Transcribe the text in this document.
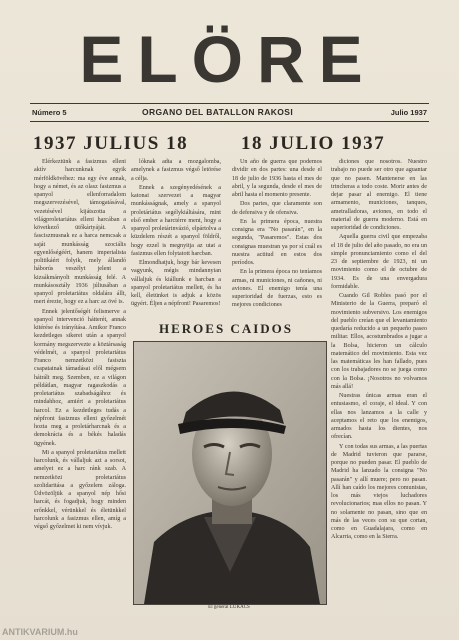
ELÖRE
Número 5	ORGANO DEL BATALLON RAKOSI	Julio 1937
1937 JULIUS 18	18 JULIO 1937

Elérkeztünk a fasizmus elleni aktív harcunknak egyik mérföldkövéhez: ma egy éve annak, hogy a német, és az olasz fasizmus a spanyol ellenforradalom megszervezésével, támogatásával, vezetésével kijátszotta a világproletariátus elleni harcában a következő ütőkártyáját. A fasciszmusnak ez a harca nemcsak a saját munkásság szociális egyenlőségéért, hanem imperialista politikáért folyik, mely állandó háborús veszélyt jelent a kizsákmányolt munkásság felé. A munkásosztály 1936 júliusában a spanyol proletariátus oldalára állt, mert érezte, hogy ez a harc az övé is.

Ennek jelentőségét felismerve a spanyol intervenció hátterét, annak kitérése és irányítása. Amikor Franco kezdetleges sikerei után a spanyol kormány megszervezte a köztársaság védelmét, a spanyol proletariátus Franco nemzetközi fasiszta csapatainak támadásai elől mégsem hátrált meg. Szemben, ez a világon példátlan, magyar ragaszkodás a proletariátus szabadságához és mindahhoz, amiért a proletariátus harcol. Ez a kezdetleges tudás a népfront fasizmus elleni győzelmét hozta meg a proletárharcnak és a demokrácia és a békés haladás ügyének.

Mi a spanyol proletariátus mellett harcolunk, és vállaljuk azt a sorsot, amelyet ez a harc ránk szab. A nemzetközi proletariátus szolidaritása a győzelem záloga. Üdvözöljük a spanyol nép hősi harcát, és fogadjuk, hogy minden erőnkkel, vérünkkel és életünkkel harcolunk a fasizmus ellen, amíg a végső győzelmet ki nem vívjuk.

lóknak adta a mozgalomba, amelynek a fasizmus végső letörése a célja.

Ennek a szegényedésének a katonai szervezet a magyar munkásságnak, amely a spanyol proletáriátus segélykiáltására, mint első ember a harctérre ment, hogy a spanyol proletárinvázió, elpártolva a küzdelem részét a spanyol földről, hogy ezzel is megnyitja az utat a fasizmus ellen folytatott harcban.

Elmondhatjuk, hogy bár kevesen vagyunk, mégis mindannyian vállaljuk és kiállunk e harcban a spanyol proletariátus mellett, és ha kell, életünket is adjuk a közös ügyért. Éljen a népfront! Pasaremos!

Un año de guerra que podemos dividir en dos partes: una desde el 18 de julio de 1936 hasta el mes de abril, y la segunda, desde el mes de abril hasta el momento presente.

Dos partes, que claramente son de defensiva y de ofensiva.

En la primera época, nuestra consigna era "No pasarán", en la segunda, "Pasaremos". Estas dos consignas muestran ya por sí cuál es nuestra actitud en estos dos períodos.

En la primera época no teníamos armas, ni municiones, ni cañones, ni aviones. El enemigo tenía una superioridad de fuerzas, esto es mejores condiciones

diciones que nosotros. Nuestro trabajo no puede ser otro que aguantar que no pasen. Mantenerse en las trincheras a todo coste. Morir antes de dejar pasar al enemigo. El tiene armamento, municiones, tanques, ametralladoras, aviones, en todo el material de guerra moderno. Está en superioridad de condiciones.

Aquella guerra civil que empezaba el 18 de julio del año pasado, no era un simple pronunciamiento como el del 23 de septiembre de 1923, ni un movimiento como el de octubre de 1934. Es de una envergadura formidable.

Cuando Gil Robles pasó por el Ministerio de la Guerra, preparó el movimiento subversivo. Los enemigos del pueblo creían que el levantamiento quedaría reducido a un pequeño paseo militar. Ellos, acostumbrados a jugar a la Bolsa, hicieron un cálculo matemático del movimiento. Esta vez las matemáticas les han fallado, pues con los trabajadores no se juega como con la Bolsa. ¡Nosotros no volvamos más allá!

Nuestras únicas armas eran el entusiasmo, el coraje, el ideal. Y con ellas nos lanzamos a la calle y aceptamos el reto que los enemigos, armados hasta los dientes, nos ofrecían.

Y con todas sus armas, a las puertas de Madrid tuvieron que pararse, porque no pueden pasar. El pueblo de Madrid ha lanzado la consigna "No pasarán" y allí muere; pero no pasan. Allí han caído los mejores comunistas, los más viejos luchadores revolucionarios; mas ellos no pasan. Y no solamente no pasan, sino que en más de las veces con su que cortan, como en Guadalajara, como en Alcarria, como en la Sierra.

HEROES CAIDOS
El general LUKACS
ANTIKVARIUM.hu
